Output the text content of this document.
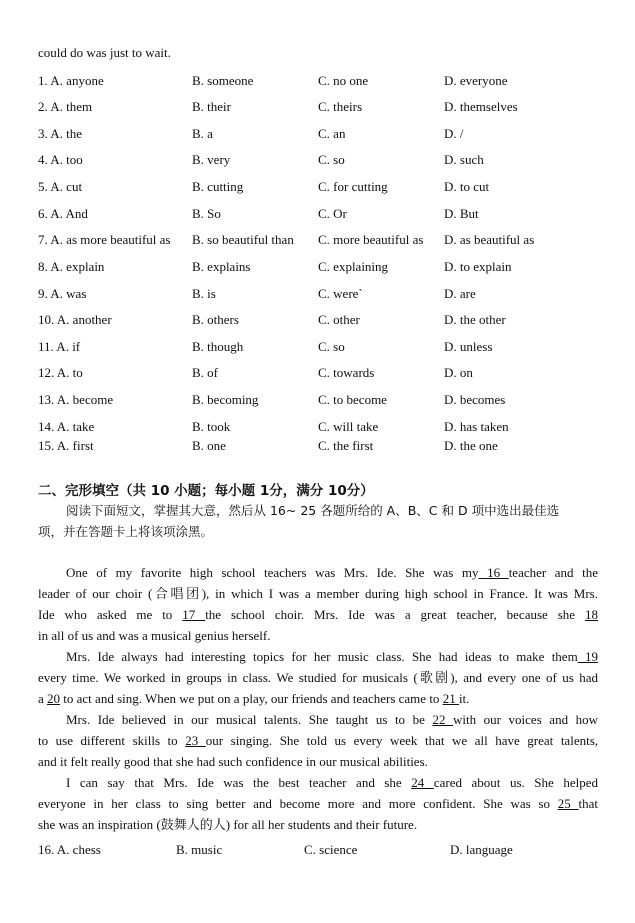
could do was just to wait.
1. A. anyone	B. someone	C. no one	D. everyone
2. A. them	B. their	C. theirs	D. themselves
3. A. the	B. a	C. an	D. /
4. A. too	B. very	C. so	D. such
5. A. cut	B. cutting	C. for cutting	D. to cut
6. A. And	B. So	C. Or	D. But
7. A. as more beautiful as B. so beautiful than C. more beautiful as D. as beautiful as
8. A. explain	B. explains	C. explaining	D. to explain
9. A. was	B. is	C. were`	D. are
10. A. another	B. others	C. other	D. the other
11. A. if	B. though	C. so	D. unless
12. A. to	B. of	C. towards	D. on
13. A. become	B. becoming	C. to become	D. becomes
14. A. take	B. took	C. will take	D. has taken
15. A. first	B. one	C. the first	D. the one
二、完形填空（共 10 小题；每小题 1分，满分 10分）
阅读下面短文，掌握其大意，然后从 16~ 25 各题所给的 A、B、C 和 D 项中选出最佳选
项，并在答题卡上将该项涂黑。
One of my favorite high school teachers was Mrs. Ide. She was my 16 teacher and the
leader of our choir (合唱团), in which I was a member during high school in France. It was Mrs.
Ide who asked me to 17 the school choir. Mrs. Ide was a great teacher, because she 18
in all of us and was a musical genius herself.
Mrs. Ide always had interesting topics for her music class. She had ideas to make them 19
every time. We worked in groups in class. We studied for musicals (歌剧), and every one of us had
a 20 to act and sing. When we put on a play, our friends and teachers came to 21 it.
Mrs. Ide believed in our musical talents. She taught us to be 22 with our voices and how
to use different skills to 23 our singing. She told us every week that we all have great talents,
and it felt really good that she had such confidence in our musical abilities.
I can say that Mrs. Ide was the best teacher and she 24 cared about us. She helped
everyone in her class to sing better and become more and more confident. She was so 25 that
she was an inspiration (鼓舞人的人) for all her students and their future.
16. A. chess	B. music	C. science	D. language
